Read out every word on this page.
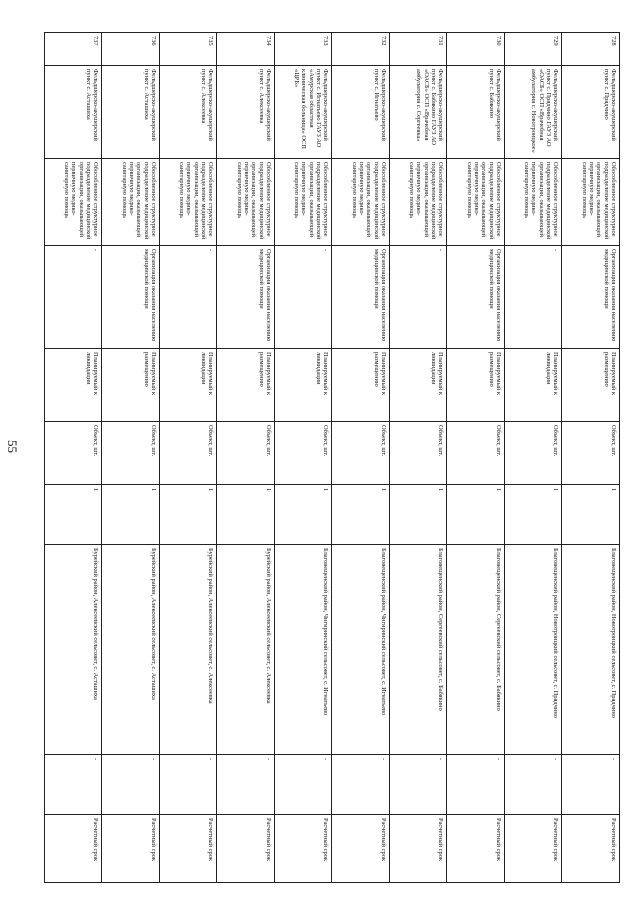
55
728	Фельдшерско-акушерский пункт с. Прядчино	Обособленное структурное подразделение медицинской организации, оказывающей первичную медико-санитарную помощь	Организация оказания населению медицинской помощи	Планируемый к размещению	Объект, шт.	1	Благовещенский район, Новотроицкий сельсовет, с. Прядчино	-	Расчетный срок
729	Фельдшерско-акушерский пункт с. Прядчино ГАУЗ АО «ОАСБ» ОСП «Врачебная амбулатория с. Новотроицкое»	Обособленное структурное подразделение медицинской организации, оказывающей первичную медико-санитарную помощь	-	Планируемый к ликвидации	Объект, шт.	1	Благовещенский район, Новотроицкий сельсовет, с. Прядчино	-	Расчетный срок
730	Фельдшерско-акушерский пункт с. Бабякино	Обособленное структурное подразделение медицинской организации, оказывающей первичную медико-санитарную помощь	Организация оказания населению медицинской помощи	Планируемый к размещению	Объект, шт.	1	Благовещенский район, Сергеевский сельсовет, с. Бабякино	-	Расчетный срок
731	Фельдшерско-акушерский пункт с. Бабякино ГАУЗ АО «ОАСБ» ОСП «Врачебная амбулатория с. Сергеевка»	Обособленное структурное подразделение медицинской организации, оказывающей первичную медико-санитарную помощь	-	Планируемый к ликвидации	Объект, шт.	1	Благовещенский район, Сергеевский сельсовет, с. Бабякино	-	Расчетный срок
732	Фельдшерско-акушерский пункт с. Игнатьево	Обособленное структурное подразделение медицинской организации, оказывающей первичную медико-санитарную помощь	Организация оказания населению медицинской помощи	Планируемый к размещению	Объект, шт.	1	Благовещенский район, Чигиринский сельсовет, с. Игнатьево	-	Расчетный срок
733	Фельдшерско-акушерский пункт с. Игнатьево ГАУЗ АО «Амурская областная клиническая больница» ОСП «ЦРБ»	Обособленное структурное подразделение медицинской организации, оказывающей первичную медико-санитарную помощь	-	Планируемый к ликвидации	Объект, шт.	1	Благовещенский район, Чигиринский сельсовет, с. Игнатьево	-	Расчетный срок
734	Фельдшерско-акушерский пункт с. Алексеевка	Обособленное структурное подразделение медицинской организации, оказывающей первичную медико-санитарную помощь	Организация оказания населению медицинской помощи	Планируемый к размещению	Объект, шт.	1	Бурейский район, Алексеевский сельсовет, с. Алексеевка	-	Расчетный срок
735	Фельдшерско-акушерский пункт с. Алексеевка	Обособленное структурное подразделение медицинской организации, оказывающей первичную медико-санитарную помощь	-	Планируемый к ликвидации	Объект, шт.	1	Бурейский район, Алексеевский сельсовет, с. Алексеевка	-	Расчетный срок
736	Фельдшерско-акушерский пункт с. Асташиха	Обособленное структурное подразделение медицинской организации, оказывающей первичную медико-санитарную помощь	Организация оказания населению медицинской помощи	Планируемый к размещению	Объект, шт.	1	Бурейский район, Алексеевский сельсовет, с. Асташиха	-	Расчетный срок
737	Фельдшерско-акушерский пункт с. Асташиха	Обособленное структурное подразделение медицинской организации, оказывающей первичную медико-санитарную помощь	-	Планируемый к ликвидации	Объект, шт.	1	Бурейский район, Алексеевский сельсовет, с. Асташиха	-	Расчетный срок
